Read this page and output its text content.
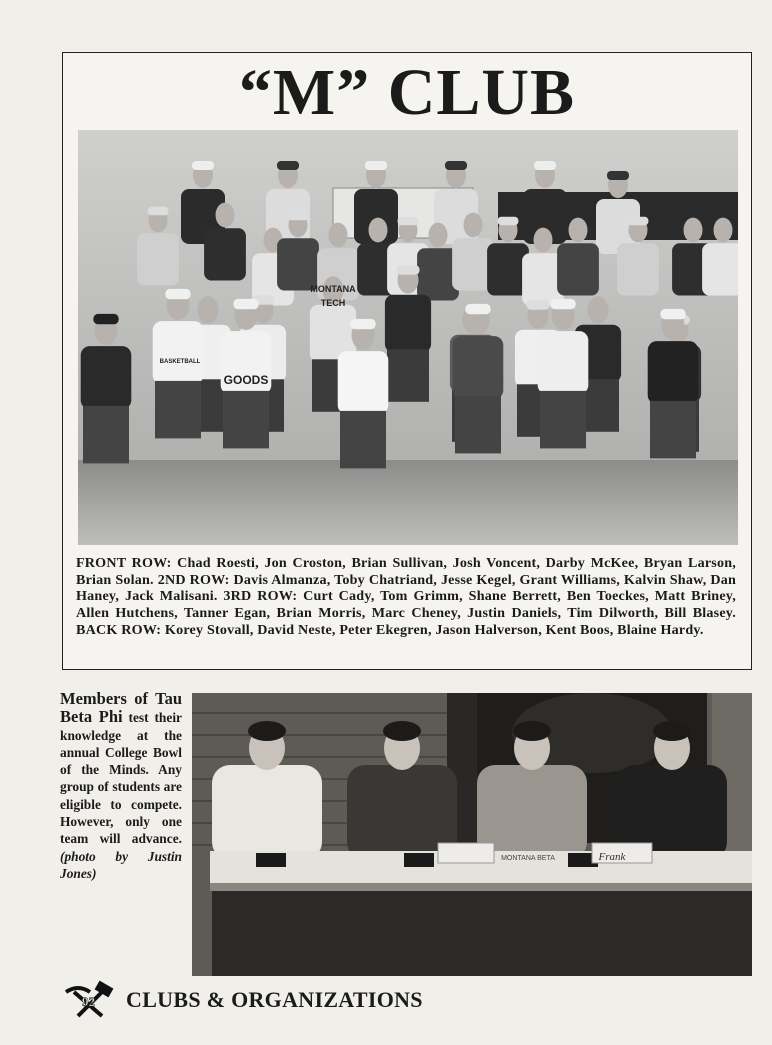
“M” CLUB
MONTANA
TECH
BASKETBALL
GOODS
FRONT ROW: Chad Roesti, Jon Croston, Brian Sullivan, Josh Voncent, Darby McKee, Bryan Larson, Brian Solan. 2ND ROW: Davis Almanza, Toby Chatriand, Jesse Kegel, Grant Williams, Kalvin Shaw, Dan Haney, Jack Malisani. 3RD ROW: Curt Cady, Tom Grimm, Shane Berrett, Ben Toeckes, Matt Briney, Allen Hutchens, Tanner Egan, Brian Morris, Marc Cheney, Justin Daniels, Tim Dilworth, Bill Blasey. BACK ROW: Korey Stovall, David Neste, Peter Ekegren, Jason Halverson, Kent Boos, Blaine Hardy.
Members of Tau Beta Phi test their knowledge at the annual College Bowl of the Minds. Any group of students are eligible to compete. However, only one team will advance. (photo by Justin Jones)
MONTANA BETA	Frank
92 CLUBS & ORGANIZATIONS
